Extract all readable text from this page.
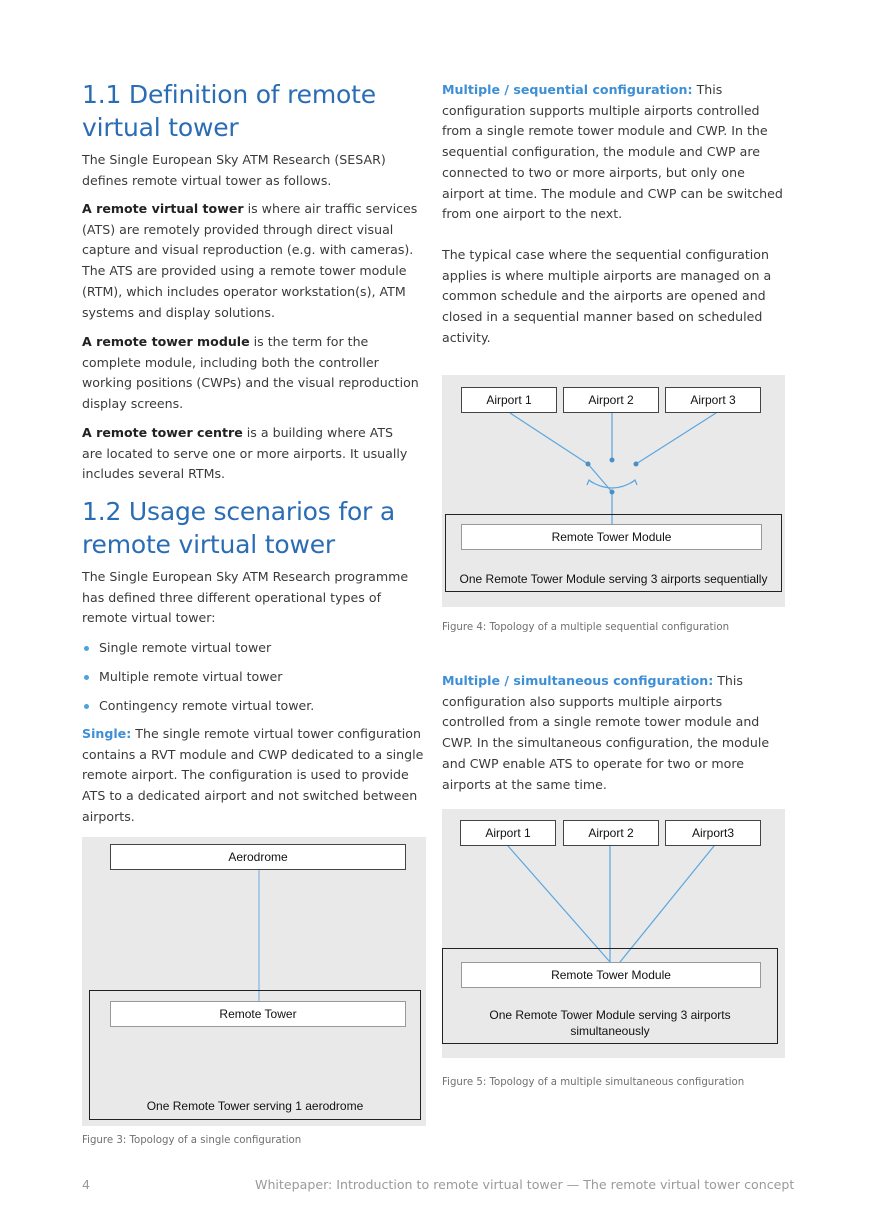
1.1 Definition of remote virtual tower

The Single European Sky ATM Research (SESAR) defines remote virtual tower as follows.

A remote virtual tower is where air traffic services (ATS) are remotely provided through direct visual capture and visual reproduction (e.g. with cameras). The ATS are provided using a remote tower module (RTM), which includes operator workstation(s), ATM systems and display solutions.

A remote tower module is the term for the complete module, including both the controller working positions (CWPs) and the visual reproduction display screens.

A remote tower centre is a building where ATS are located to serve one or more airports. It usually includes several RTMs.

1.2 Usage scenarios for a remote virtual tower

The Single European Sky ATM Research programme has defined three different operational types of remote virtual tower:

Single remote virtual tower
Multiple remote virtual tower
Contingency remote virtual tower.

Single: The single remote virtual tower configuration contains a RVT module and CWP dedicated to a single remote airport. The configuration is used to provide ATS to a dedicated airport and not switched between airports.

Aerodrome
Remote Tower
One Remote Tower serving 1 aerodrome
Figure 3: Topology of a single configuration

Multiple / sequential configuration: This configuration supports multiple airports controlled from a single remote tower module and CWP. In the sequential configuration, the module and CWP are connected to two or more airports, but only one airport at time. The module and CWP can be switched from one airport to the next.

The typical case where the sequential configuration applies is where multiple airports are managed on a common schedule and the airports are opened and closed in a sequential manner based on scheduled activity.

Multiple / simultaneous configuration: This configuration also supports multiple airports controlled from a single remote tower module and CWP. In the simultaneous configuration, the module and CWP enable ATS to operate for two or more airports at the same time.

Airport 1	Airport 2	Airport 3
Remote Tower Module
One Remote Tower Module serving 3 airports sequentially
Figure 4: Topology of a multiple sequential configuration
Airport 1	Airport 2	Airport3
Remote Tower Module
One Remote Tower Module serving 3 airports
simultaneously
Figure 5: Topology of a multiple simultaneous configuration
4	Whitepaper: Introduction to remote virtual tower — The remote virtual tower concept
